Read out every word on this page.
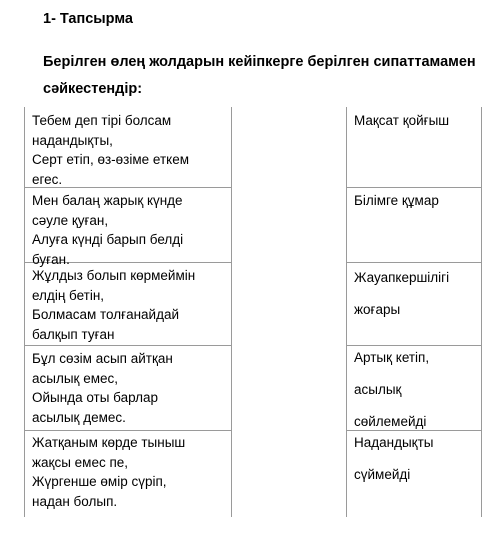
1- Тапсырма
Берілген өлең жолдарын кейіпкерге берілген сипаттамамен
сәйкестендір:
Тебем деп тірі болсам
надандықты,
Серт етіп, өз-өзіме еткем
егес.
Мақсат қойғыш
Мен балаң жарық күнде
сәуле қуған,
Алуға күнді барып белді
буған.
Білімге құмар
Жұлдыз болып көрмеймін
елдің бетін,
Болмасам толғанайдай
балқып туған
Жауапкершілігі
жоғары
Бұл сөзім асып айтқан
асылық емес,
Ойында оты барлар
асылық демес.
Артық кетіп,
асылық
сөйлемейді
Жатқаным көрде тыныш
жақсы емес пе,
Жүргенше өмір сүріп,
надан болып.
Надандықты
сүймейді
